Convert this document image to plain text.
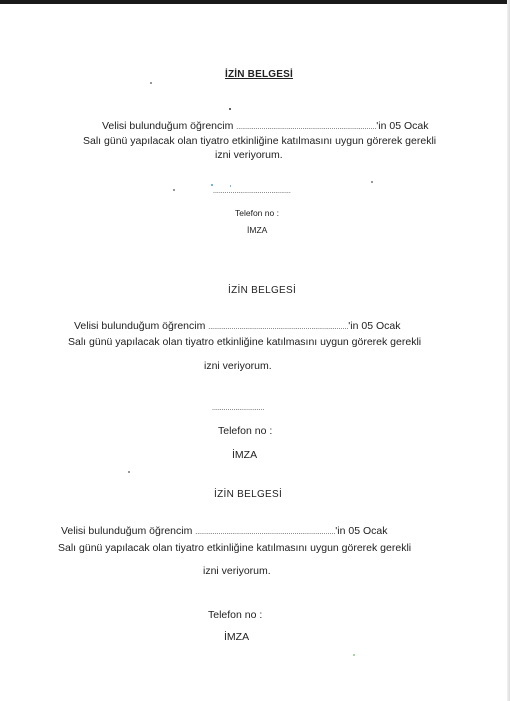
İZİN BELGESİ
Velisi bulunduğum öğrencim ........................................................................'in 05 Ocak
Salı günü yapılacak olan tiyatro etkinliğine katılmasını uygun görerek gerekli
izni veriyorum.
........................................
Telefon no :
İMZA
İZİN BELGESİ
Velisi bulunduğum öğrencim ........................................................................'in 05 Ocak
Salı günü yapılacak olan tiyatro etkinliğine katılmasını uygun görerek gerekli
izni veriyorum.
...........................
Telefon no :
İMZA
İZİN BELGESİ
Velisi bulunduğum öğrencim ........................................................................'in 05 Ocak
Salı günü yapılacak olan tiyatro etkinliğine katılmasını uygun görerek gerekli
izni veriyorum.
Telefon no :
İMZA
